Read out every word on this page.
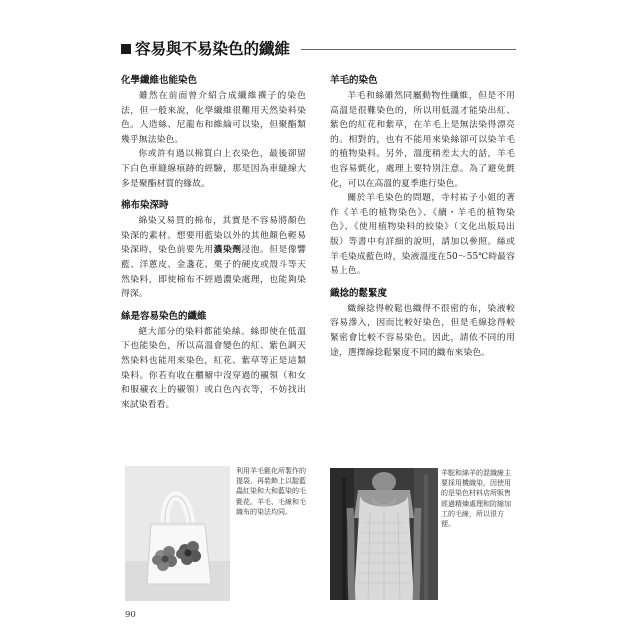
容易與不易染色的纖維

化學纖維也能染色

雖然在前面曾介紹合成纖維襪子的染色法，但一般來說，化學纖維很難用天然染料染色。人造絲、尼龍布和維綸可以染，但聚酯類幾乎無法染色。

你或許有過以棉質白上衣染色，最後卻留下白色車縫線痕跡的經驗，那是因為車縫線大多是聚酯材質的緣故。

棉布染深時

綿染又易買的棉布，其實是不容易將顏色染深的素材。想要用藍染以外的其他顏色輕易染深時，染色前要先用濃染劑浸泡。但是像響藍、洋蔥皮、金盞花、栗子的硬皮或殼斗等天然染料，即使棉布不經過濃染處理，也能夠染得深。

絲是容易染色的纖維

絕大部分的染料都能染絲。絲即使在低溫下也能染色，所以高溫會變色的紅、紫色調天然染料也能用來染色，紅花、紫草等正是這類染料。你若有收在櫃櫥中沒穿過的襯領（和女和服襯衣上的襯領）或白色內衣等，不妨找出來試染看看。

羊毛的染色

羊毛和絲雖然同屬動物性纖維，但是不用高溫是很難染色的，所以用低溫才能染出紅、紫色的紅花和紫草，在羊毛上是無法染得漂亮的。相對的，也有不能用來染絲卻可以染羊毛的植物染料。另外，溫度稍差太大的話，羊毛也容易氈化，處理上要特別注意。為了避免氈化，可以在高溫的夏季進行染色。

關於羊毛染色的問題，寺村祐子小姐的著作《羊毛的植物染色》、《續・羊毛的植物染色》、《使用植物染料的絞染》（文化出版局出版）等書中有詳細的說明，請加以參照。絲或羊毛染成藍色時，染液溫度在50～55℃時最容易上色。

織捻的鬆緊度

織線捻得較鬆也織得不很密的布，染液較容易滲入，因而比較好染色，但是毛線捻得較緊密會比較不容易染色。因此，請依不同的用途，選擇線捻鬆緊度不同的織布來染色。

利用羊毛氈化所製作的提袋，再裝飾上以靛藍蟲紅染和大和藍染的毛氈花。羊毛、毛線和毛織布的染法均同。

羊駝和綿羊的混織線主要採用機織染，因使用的是染色材料店所販售經過精煉處理和防縮加工的毛線，所以很方便。

90
